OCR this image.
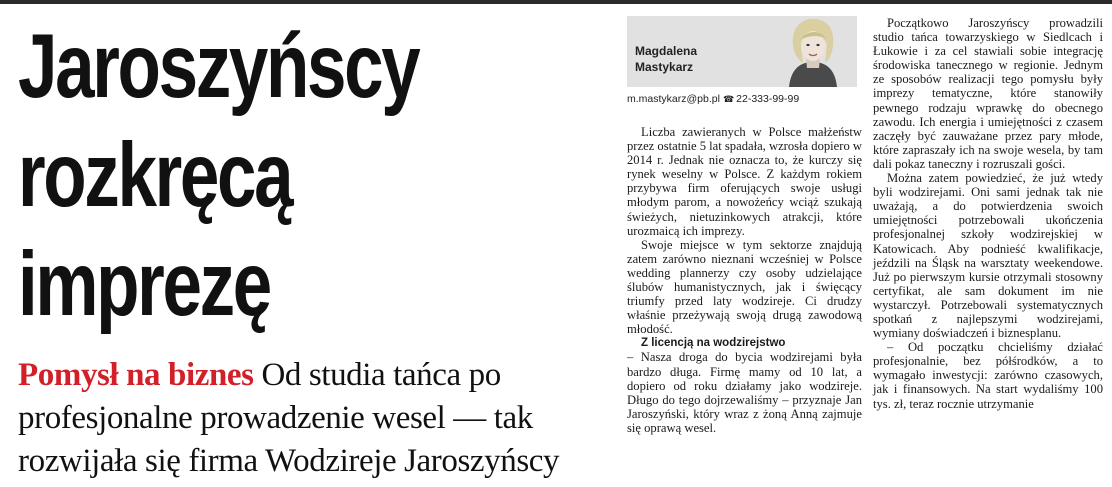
Jaroszyńscy
rozkręcą
imprezę

Pomysł na biznes Od studia tańca po profesjonalne prowadzenie wesel — tak rozwijała się firma Wodzireje Jaroszyńscy

Magdalena
Mastykarz

m.mastykarz@pb.pl ☎ 22-333-99-99

Liczba zawieranych w Polsce małżeństw przez ostatnie 5 lat spadała, wzrosła dopiero w 2014 r. Jednak nie oznacza to, że kurczy się rynek weselny w Polsce. Z każdym rokiem przybywa firm oferujących swoje usługi młodym parom, a nowożeńcy wciąż szukają świeżych, nietuzinkowych atrakcji, które urozmaicą ich imprezy.

Swoje miejsce w tym sektorze znajdują zatem zarówno nieznani wcześniej w Polsce wedding plannerzy czy osoby udzielające ślubów humanistycznych, jak i święcący triumfy przed laty wodzireje. Ci drudzy właśnie przeżywają swoją drugą zawodową młodość.

Z licencją na wodzirejstwo

– Nasza droga do bycia wodzirejami była bardzo długa. Firmę mamy od 10 lat, a dopiero od roku działamy jako wodzireje. Długo do tego dojrzewaliśmy – przyznaje Jan Jaroszyński, który wraz z żoną Anną zajmuje się oprawą wesel.

Początkowo Jaroszyńscy prowadzili studio tańca towarzyskiego w Siedlcach i Łukowie i za cel stawiali sobie integrację środowiska tanecznego w regionie. Jednym ze sposobów realizacji tego pomysłu były imprezy tematyczne, które stanowiły pewnego rodzaju wprawkę do obecnego zawodu. Ich energia i umiejętności z czasem zaczęły być zauważane przez pary młode, które zapraszały ich na swoje wesela, by tam dali pokaz taneczny i rozruszali gości.

Można zatem powiedzieć, że już wtedy byli wodzirejami. Oni sami jednak tak nie uważają, a do potwierdzenia swoich umiejętności potrzebowali ukończenia profesjonalnej szkoły wodzirejskiej w Katowicach. Aby podnieść kwalifikacje, jeździli na Śląsk na warsztaty weekendowe. Już po pierwszym kursie otrzymali stosowny certyfikat, ale sam dokument im nie wystarczył. Potrzebowali systematycznych spotkań z najlepszymi wodzirejami, wymiany doświadczeń i biznesplanu.

– Od początku chcieliśmy działać profesjonalnie, bez półśrodków, a to wymagało inwestycji: zarówno czasowych, jak i finansowych. Na start wydaliśmy 100 tys. zł, teraz rocznie utrzymanie
